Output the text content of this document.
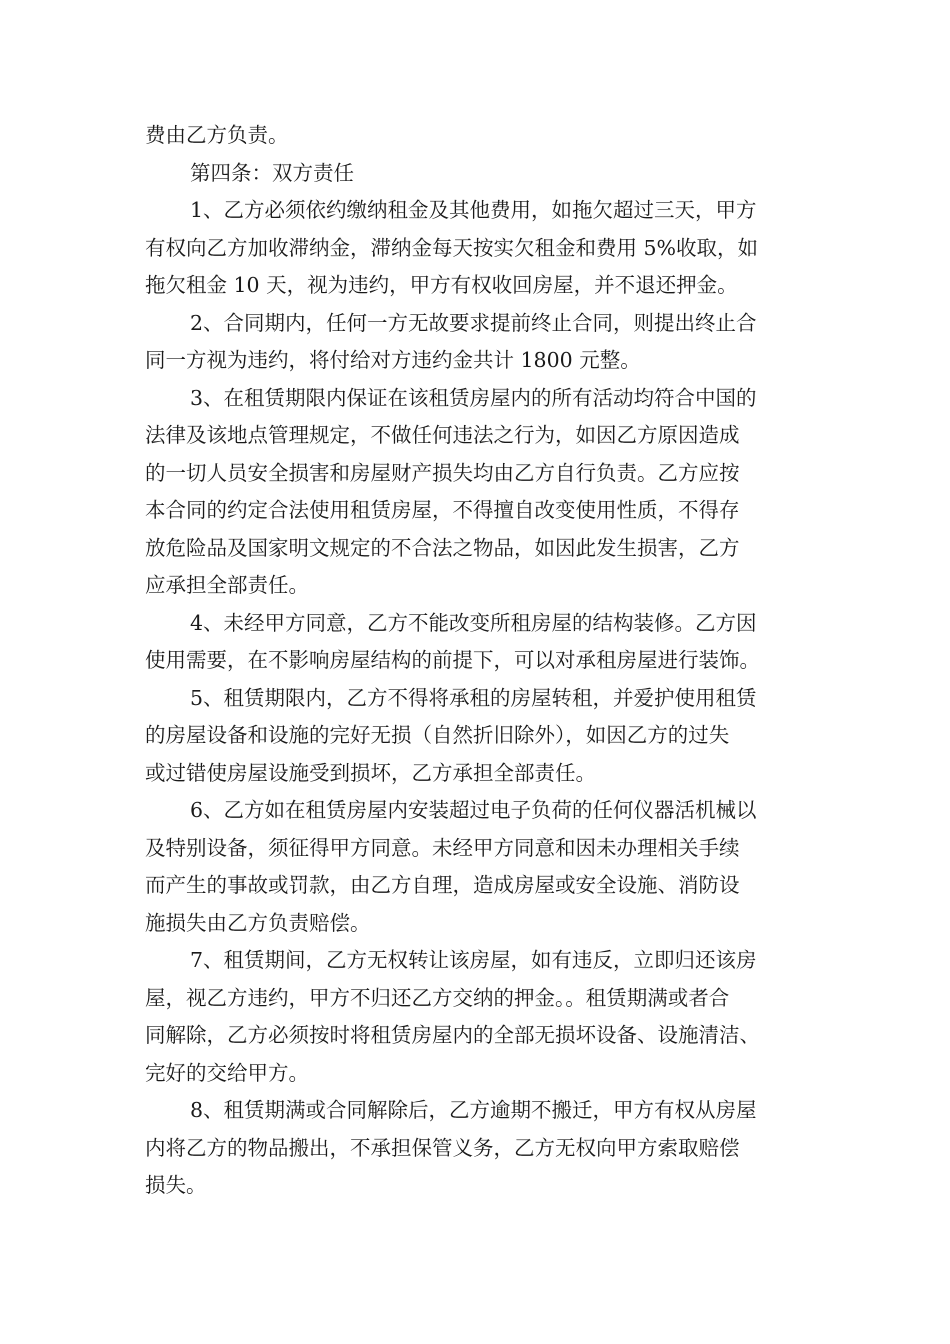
费由乙方负责。

第四条：双方责任

1、乙方必须依约缴纳租金及其他费用，如拖欠超过三天，甲方
有权向乙方加收滞纳金，滞纳金每天按实欠租金和费用 5%收取，如
拖欠租金 10 天，视为违约，甲方有权收回房屋，并不退还押金。

2、合同期内，任何一方无故要求提前终止合同，则提出终止合
同一方视为违约，将付给对方违约金共计 1800 元整。

3、在租赁期限内保证在该租赁房屋内的所有活动均符合中国的
法律及该地点管理规定，不做任何违法之行为，如因乙方原因造成
的一切人员安全损害和房屋财产损失均由乙方自行负责。乙方应按
本合同的约定合法使用租赁房屋，不得擅自改变使用性质，不得存
放危险品及国家明文规定的不合法之物品，如因此发生损害，乙方
应承担全部责任。

4、未经甲方同意，乙方不能改变所租房屋的结构装修。乙方因
使用需要，在不影响房屋结构的前提下，可以对承租房屋进行装饰。

5、租赁期限内，乙方不得将承租的房屋转租，并爱护使用租赁
的房屋设备和设施的完好无损（自然折旧除外），如因乙方的过失
或过错使房屋设施受到损坏，乙方承担全部责任。

6、乙方如在租赁房屋内安装超过电子负荷的任何仪器活机械以
及特别设备，须征得甲方同意。未经甲方同意和因未办理相关手续
而产生的事故或罚款，由乙方自理，造成房屋或安全设施、消防设
施损失由乙方负责赔偿。

7、租赁期间，乙方无权转让该房屋，如有违反，立即归还该房
屋，视乙方违约，甲方不归还乙方交纳的押金。。租赁期满或者合
同解除，乙方必须按时将租赁房屋内的全部无损坏设备、设施清洁、
完好的交给甲方。

8、租赁期满或合同解除后，乙方逾期不搬迁，甲方有权从房屋
内将乙方的物品搬出，不承担保管义务，乙方无权向甲方索取赔偿
损失。
